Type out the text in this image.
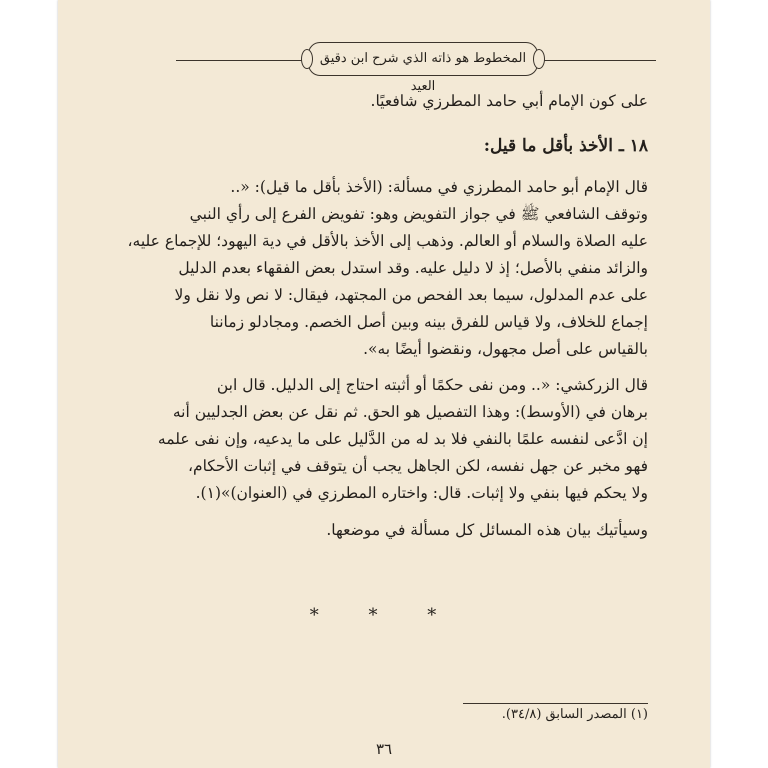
المخطوط هو ذاته الذي شرح ابن دقيق العيد
على كون الإمام أبي حامد المطرزي شافعيًا.
١٨ ـ الأخذ بأقل ما قيل:
قال الإمام أبو حامد المطرزي في مسألة: (الأخذ بأقل ما قيل): «..
وتوقف الشافعي ﷺ في جواز التفويض وهو: تفويض الفرع إلى رأي النبي
عليه الصلاة والسلام أو العالم. وذهب إلى الأخذ بالأقل في دية اليهود؛ للإجماع عليه،
والزائد منفي بالأصل؛ إذ لا دليل عليه. وقد استدل بعض الفقهاء بعدم الدليل
على عدم المدلول، سيما بعد الفحص من المجتهد، فيقال: لا نص ولا نقل ولا
إجماع للخلاف، ولا قياس للفرق بينه وبين أصل الخصم. ومجادلو زماننا
بالقياس على أصل مجهول، ونقضوا أيضًا به».
قال الزركشي: «.. ومن نفى حكمًا أو أثبته احتاج إلى الدليل. قال ابن
برهان في (الأوسط): وهذا التفصيل هو الحق. ثم نقل عن بعض الجدليين أنه
إن ادَّعى لنفسه علمًا بالنفي فلا بد له من الدَّليل على ما يدعيه، وإن نفى علمه
فهو مخبر عن جهل نفسه، لكن الجاهل يجب أن يتوقف في إثبات الأحكام،
ولا يحكم فيها بنفي ولا إثبات. قال: واختاره المطرزي في (العنوان)»(١).
وسيأتيك بيان هذه المسائل كل مسألة في موضعها.
* * *
(١) المصدر السابق (٣٤/٨).
٣٦
